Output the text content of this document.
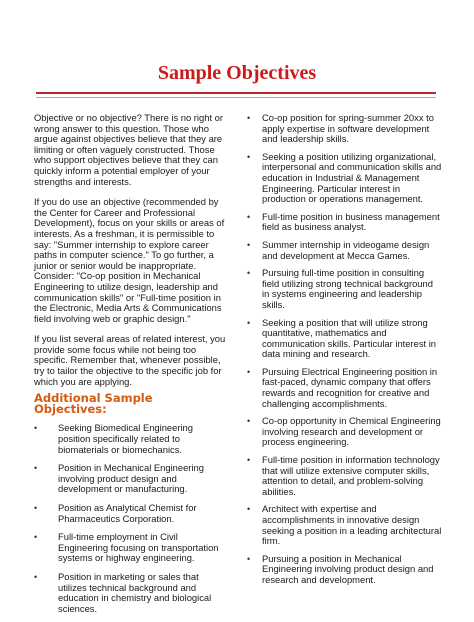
Sample Objectives

Objective or no objective? There is no right or wrong answer to this question. Those who argue against objectives believe that they are limiting or often vaguely constructed. Those who support objectives believe that they can quickly inform a potential employer of your strengths and interests.

If you do use an objective (recommended by the Center for Career and Professional Development), focus on your skills or areas of interests. As a freshman, it is permissible to say: "Summer internship to explore career paths in computer science." To go further, a junior or senior would be inappropriate. Consider: "Co-op position in Mechanical Engineering to utilize design, leadership and communication skills" or "Full-time position in the Electronic, Media Arts & Communications field involving web or graphic design."

If you list several areas of related interest, you provide some focus while not being too specific. Remember that, whenever possible, try to tailor the objective to the specific job for which you are applying.

Additional Sample Objectives:
• Seeking Biomedical Engineering position specifically related to biomaterials or biomechanics.
• Position in Mechanical Engineering involving product design and development or manufacturing.
• Position as Analytical Chemist for Pharmaceutics Corporation.
• Full-time employment in Civil Engineering focusing on transportation systems or highway engineering.
• Position in marketing or sales that utilizes technical background and education in chemistry and biological sciences.
• Co-op position for spring-summer 20xx to apply expertise in software development and leadership skills.
• Seeking a position utilizing organizational, interpersonal and communication skills and education in Industrial & Management Engineering. Particular interest in production or operations management.
• Full-time position in business management field as business analyst.
• Summer internship in videogame design and development at Mecca Games.
• Pursuing full-time position in consulting field utilizing strong technical background in systems engineering and leadership skills.
• Seeking a position that will utilize strong quantitative, mathematics and communication skills. Particular interest in data mining and research.
• Pursuing Electrical Engineering position in fast-paced, dynamic company that offers rewards and recognition for creative and challenging accomplishments.
• Co-op opportunity in Chemical Engineering involving research and development or process engineering.
• Full-time position in information technology that will utilize extensive computer skills, attention to detail, and problem-solving abilities.
• Architect with expertise and accomplishments in innovative design seeking a position in a leading architectural firm.
• Pursuing a position in Mechanical Engineering involving product design and research and development.
